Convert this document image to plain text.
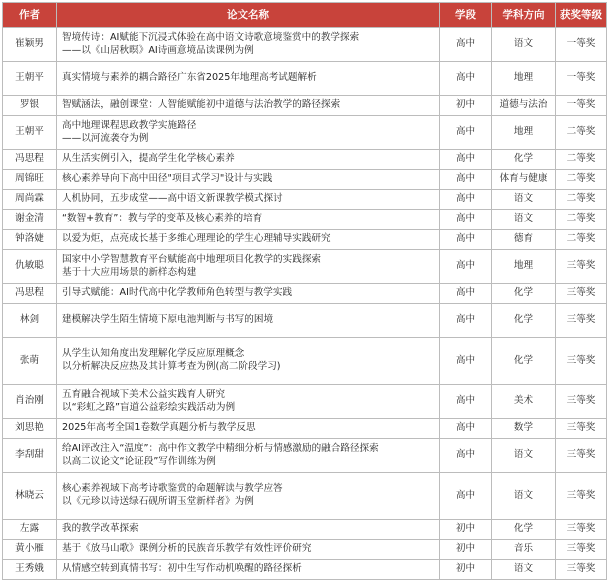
作者	论文名称	学段	学科方向	获奖等级
崔颖男	智境传诗：AI赋能下沉浸式体验在高中语文诗歌意境鉴赏中的教学探索
——以《山居秋暝》AI诗画意境品读课例为例	高中	语文	一等奖
王朝平	真实情境与素养的耦合路径广东省2025年地理高考试题解析	高中	地理	一等奖
罗银	智赋涵法，融创课堂：人智能赋能初中道德与法治教学的路径探索	初中	道德与法治	一等奖
王朝平	高中地理课程思政教学实施路径
——以河流袭夺为例	高中	地理	二等奖
冯思程	从生活实例引入，提高学生化学核心素养	高中	化学	二等奖
周锦旺	核心素养导向下高中田径"项目式学习"设计与实践	高中	体育与健康	二等奖
周尚霖	人机协同，五步成堂——高中语文新课教学模式探讨	高中	语文	二等奖
谢金清	“数智+教育”：教与学的变革及核心素养的培育	高中	语文	二等奖
钟洛婕	以爱为炬，点亮成长基于多维心理理论的学生心理辅导实践研究	高中	德育	二等奖
仇敏聪	国家中小学智慧教育平台赋能高中地理项目化教学的实践探索
基于十大应用场景的新样态构建	高中	地理	三等奖
冯思程	引导式赋能：AI时代高中化学教师角色转型与教学实践	高中	化学	三等奖
林剑	建模解决学生陌生情境下原电池判断与书写的困境	高中	化学	三等奖
张萌	从学生认知角度出发理解化学反应原理概念
以分析解决反应热及其计算考查为例(高二阶段学习)	高中	化学	三等奖
肖治刚	五育融合视域下美术公益实践育人研究
以“彩虹之路”盲道公益彩绘实践活动为例	高中	美术	三等奖
刘思艳	2025年高考全国1卷数学真题分析与教学反思	高中	数学	三等奖
李刮甜	给AI评改注入“温度”：高中作文教学中精细分析与情感激励的融合路径探索
以高二议论文“论证段”写作训练为例	高中	语文	三等奖
林晓云	核心素养视域下高考诗歌鉴赏的命题解读与教学应答
以《元珍以诗送绿石砚所谓玉堂新样者》为例	高中	语文	三等奖
左露	我的教学改革探索	初中	化学	三等奖
黄小雁	基于《放马山歌》课例分析的民族音乐教学有效性评价研究	初中	音乐	三等奖
王秀娥	从情感空转到真情书写：初中生写作动机唤醒的路径探析	初中	语文	三等奖
